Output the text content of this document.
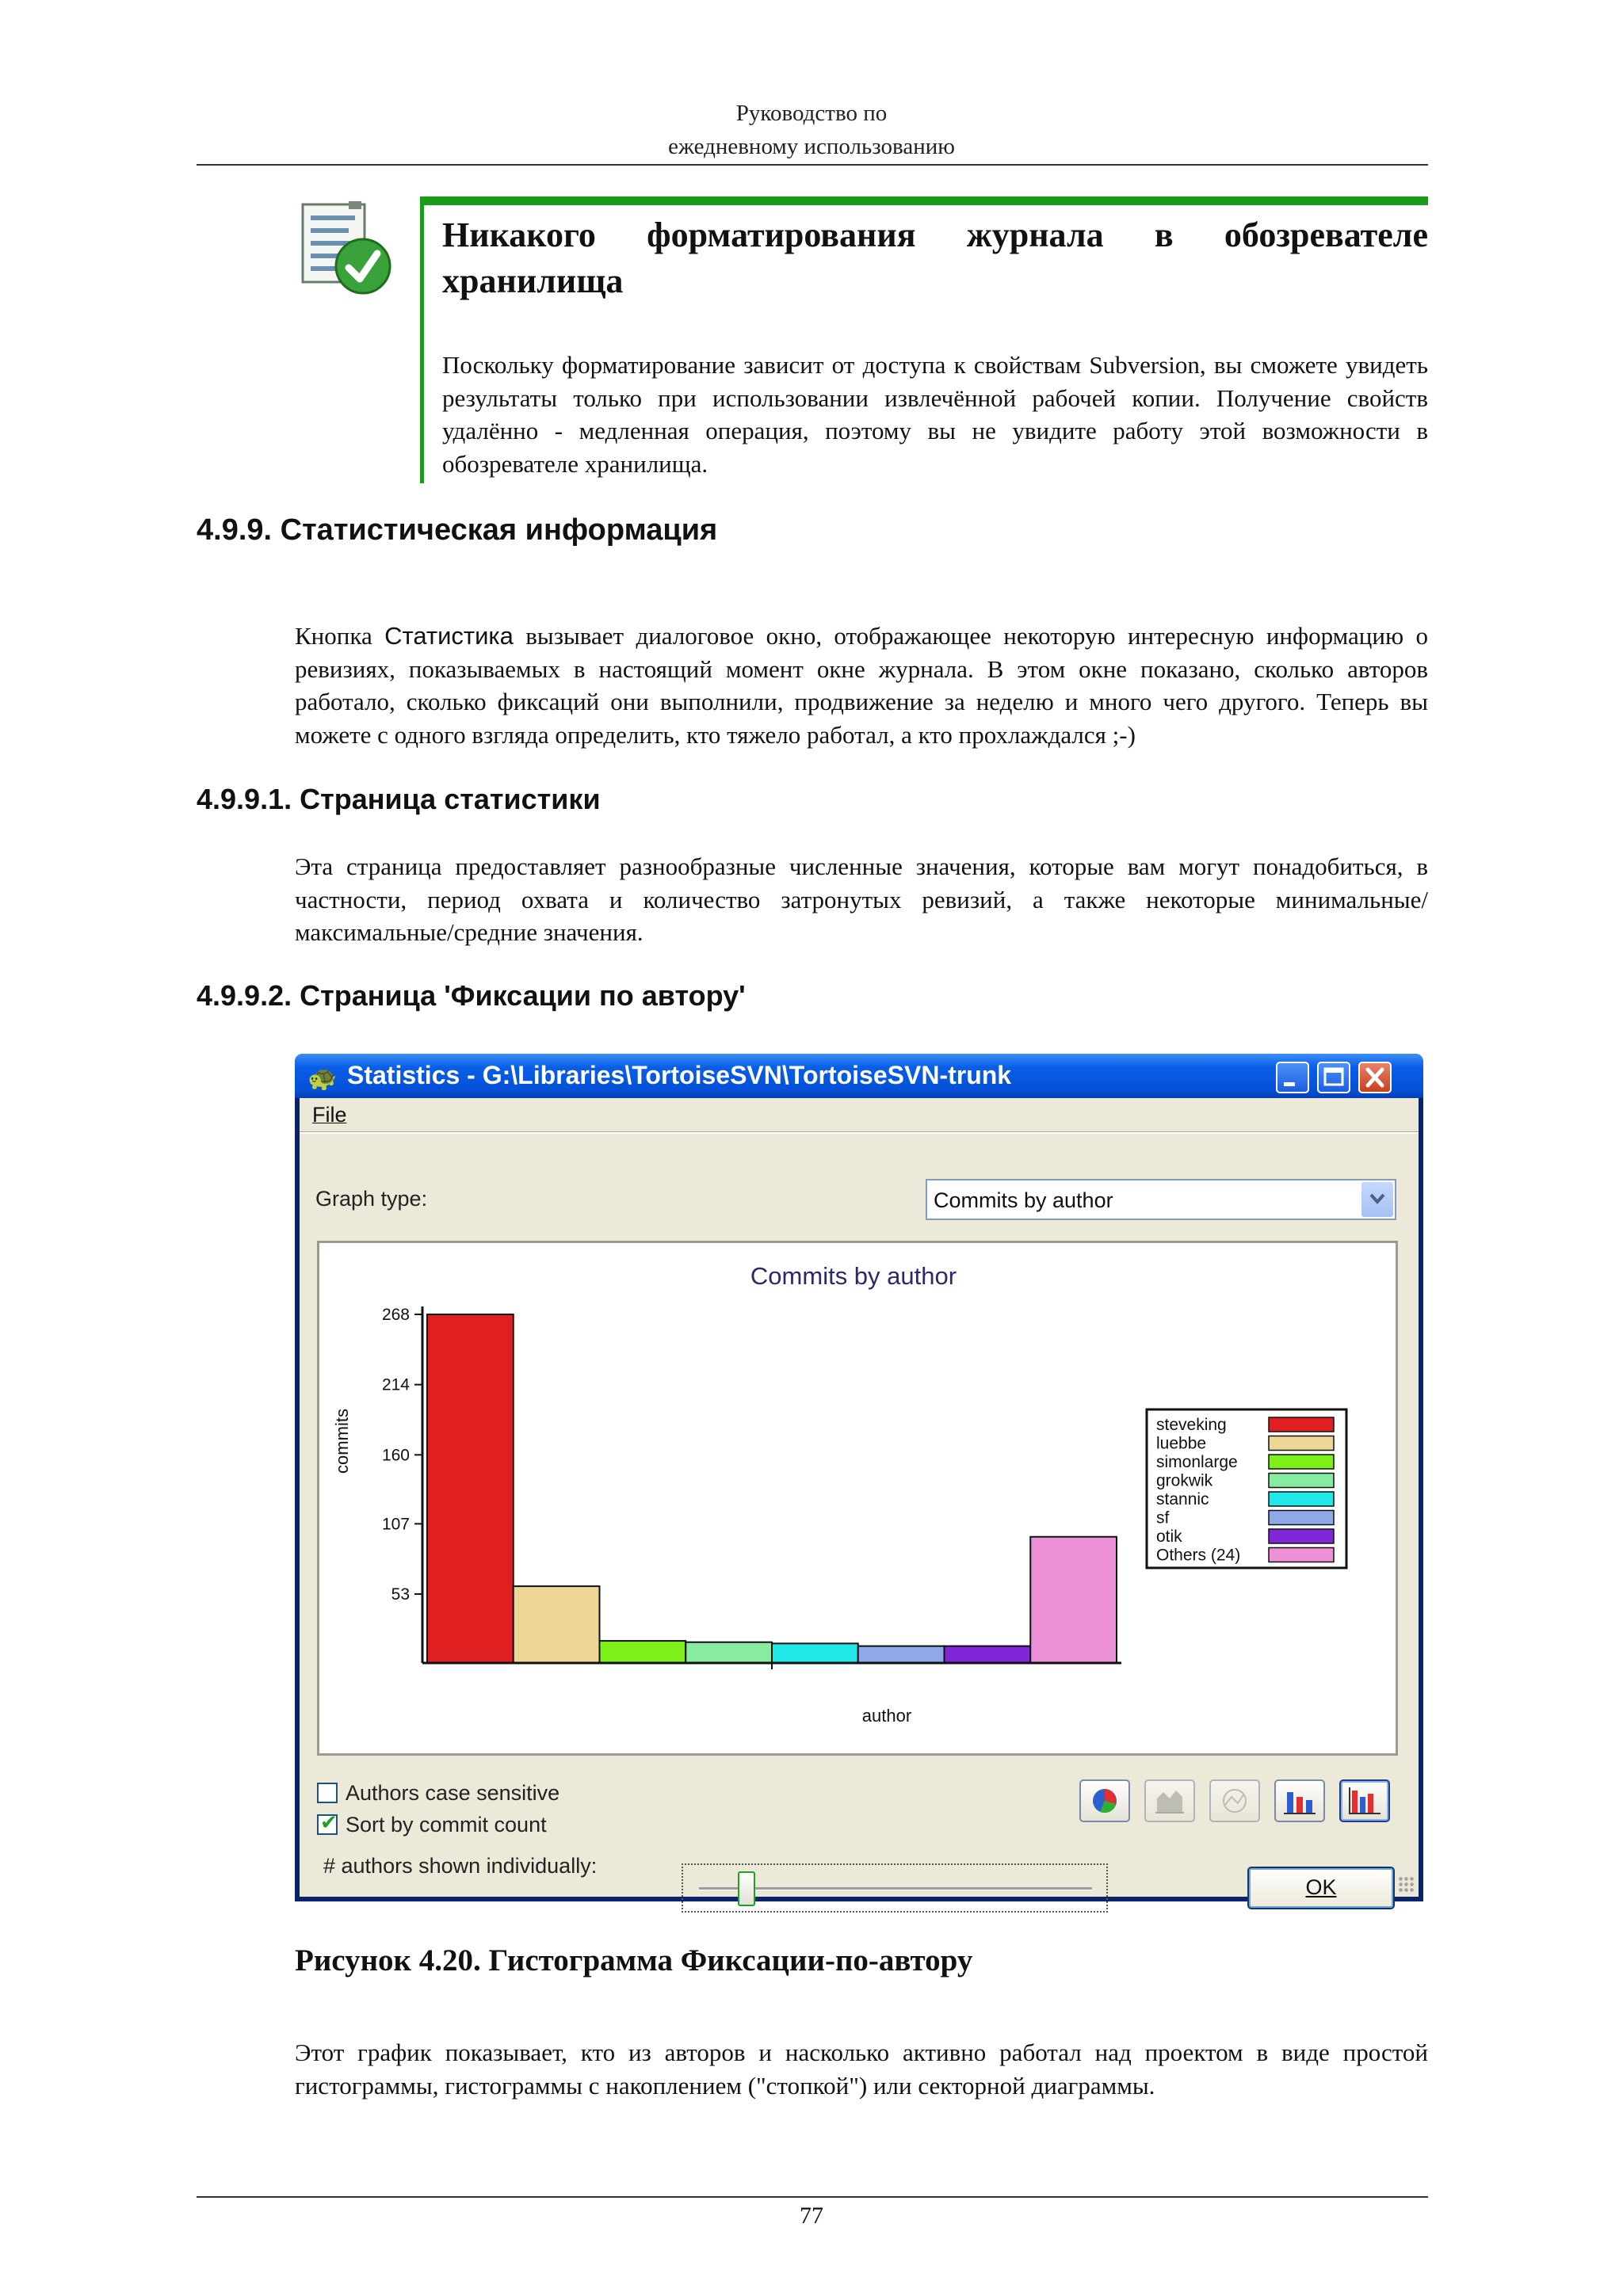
Руководство по
ежедневному использованию
Никакого форматирования журнала в обозревателе хранилища
Поскольку форматирование зависит от доступа к свойствам Subversion, вы сможете увидеть результаты только при использовании извлечённой рабочей копии. Получение свойств удалённо - медленная операция, поэтому вы не увидите работу этой возможности в обозревателе хранилища.
4.9.9. Статистическая информация
Кнопка Статистика вызывает диалоговое окно, отображающее некоторую интересную информацию о ревизиях, показываемых в настоящий момент окне журнала. В этом окне показано, сколько авторов работало, сколько фиксаций они выполнили, продвижение за неделю и много чего другого. Теперь вы можете с одного взгляда определить, кто тяжело работал, а кто прохлаждался ;-)
4.9.9.1. Страница статистики
Эта страница предоставляет разнообразные численные значения, которые вам могут понадобиться, в частности, период охвата и количество затронутых ревизий, а также некоторые минимальные/максимальные/средние значения.
4.9.9.2. Страница 'Фиксации по автору'
🐢 Statistics - G:\Libraries\TortoiseSVN\TortoiseSVN-trunk
File
Graph type:	Commits by author
Commits by author
commits
author
53
107
160
214
268
steveking
luebbe
simonlarge
grokwik
stannic
sf
otik
Others (24)
Authors case sensitive
✔ Sort by commit count
# authors shown individually:
OK
Рисунок 4.20. Гистограмма Фиксации-по-автору
Этот график показывает, кто из авторов и насколько активно работал над проектом в виде простой гистограммы, гистограммы с накоплением ("стопкой") или секторной диаграммы.
77
